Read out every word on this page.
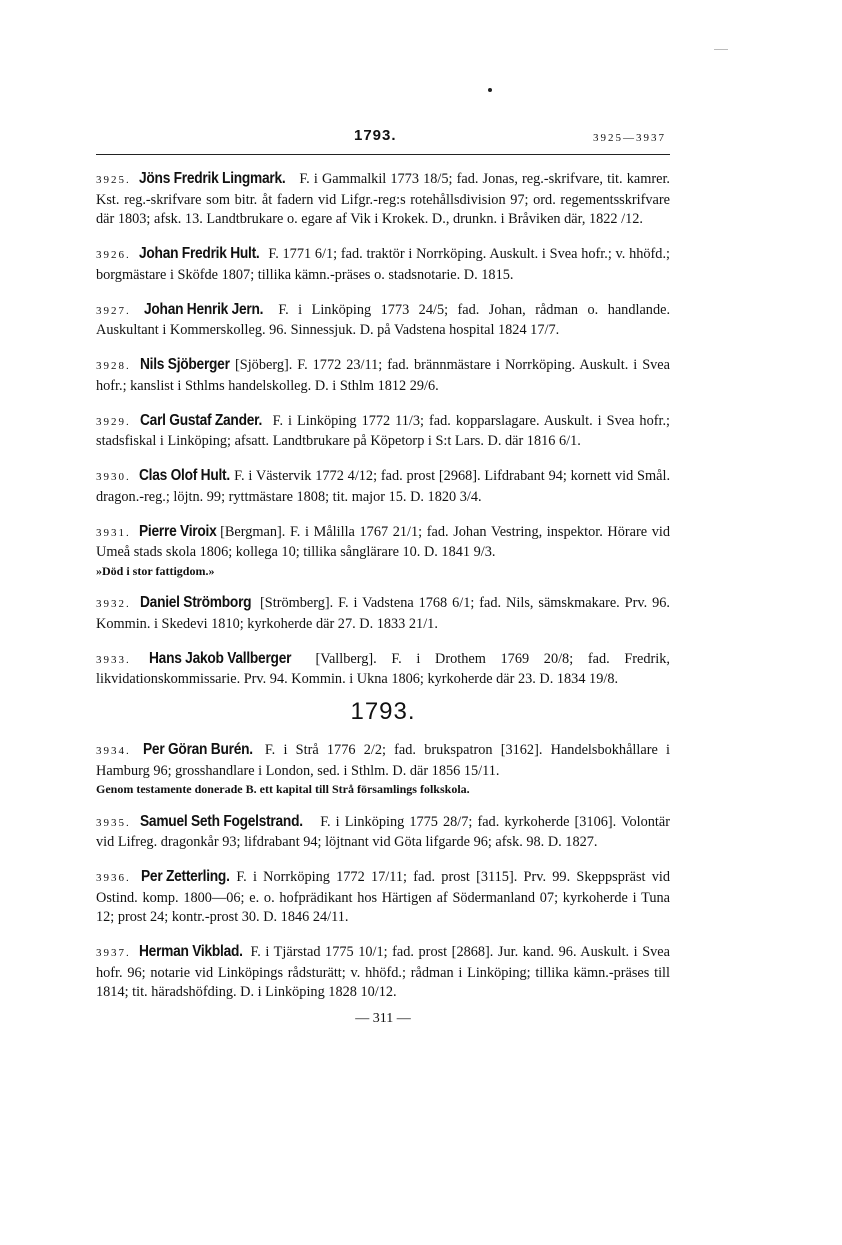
1793.	3925—3937

3925. Jöns Fredrik Lingmark. F. i Gammalkil 1773 18/5; fad. Jonas, reg.-skrifvare, tit. kamrer. Kst. reg.-skrifvare som bitr. åt fadern vid Lifgr.-reg:s rotehållsdivision 97; ord. regementsskrifvare där 1803; afsk. 13. Landtbrukare o. egare af Vik i Krokek. D., drunkn. i Bråviken där, 1822 /12.

3926. Johan Fredrik Hult. F. 1771 6/1; fad. traktör i Norrköping. Auskult. i Svea hofr.; v. hhöfd.; borgmästare i Sköfde 1807; tillika kämn.-präses o. stadsnotarie. D. 1815.

3927. Johan Henrik Jern. F. i Linköping 1773 24/5; fad. Johan, rådman o. handlande. Auskultant i Kommerskolleg. 96. Sinnessjuk. D. på Vadstena hospital 1824 17/7.

3928. Nils Sjöberger [Sjöberg]. F. 1772 23/11; fad. brännmästare i Norrköping. Auskult. i Svea hofr.; kanslist i Sthlms handelskolleg. D. i Sthlm 1812 29/6.

3929. Carl Gustaf Zander. F. i Linköping 1772 11/3; fad. kopparslagare. Auskult. i Svea hofr.; stadsfiskal i Linköping; afsatt. Landtbrukare på Köpetorp i S:t Lars. D. där 1816 6/1.

3930. Clas Olof Hult. F. i Västervik 1772 4/12; fad. prost [2968]. Lifdrabant 94; kornett vid Smål. dragon.-reg.; löjtn. 99; ryttmästare 1808; tit. major 15. D. 1820 3/4.

3931. Pierre Viroix [Bergman]. F. i Målilla 1767 21/1; fad. Johan Vestring, inspektor. Hörare vid Umeå stads skola 1806; kollega 10; tillika sånglärare 10. D. 1841 9/3.
»Död i stor fattigdom.»

3932. Daniel Strömborg [Strömberg]. F. i Vadstena 1768 6/1; fad. Nils, sämskmakare. Prv. 96. Kommin. i Skedevi 1810; kyrkoherde där 27. D. 1833 21/1.

3933. Hans Jakob Vallberger [Vallberg]. F. i Drothem 1769 20/8; fad. Fredrik, likvidationskommissarie. Prv. 94. Kommin. i Ukna 1806; kyrkoherde där 23. D. 1834 19/8.

1793.

3934. Per Göran Burén. F. i Strå 1776 2/2; fad. brukspatron [3162]. Handelsbokhållare i Hamburg 96; grosshandlare i London, sed. i Sthlm. D. där 1856 15/11.
Genom testamente donerade B. ett kapital till Strå församlings folkskola.

3935. Samuel Seth Fogelstrand. F. i Linköping 1775 28/7; fad. kyrkoherde [3106]. Volontär vid Lifreg. dragonkår 93; lifdrabant 94; löjtnant vid Göta lifgarde 96; afsk. 98. D. 1827.

3936. Per Zetterling. F. i Norrköping 1772 17/11; fad. prost [3115]. Prv. 99. Skeppspräst vid Ostind. komp. 1800—06; e. o. hofprädikant hos Härtigen af Södermanland 07; kyrkoherde i Tuna 12; prost 24; kontr.-prost 30. D. 1846 24/11.

3937. Herman Vikblad. F. i Tjärstad 1775 10/1; fad. prost [2868]. Jur. kand. 96. Auskult. i Svea hofr. 96; notarie vid Linköpings rådsturätt; v. hhöfd.; rådman i Linköping; tillika kämn.-präses till 1814; tit. häradshöfding. D. i Linköping 1828 10/12.

— 311 —
